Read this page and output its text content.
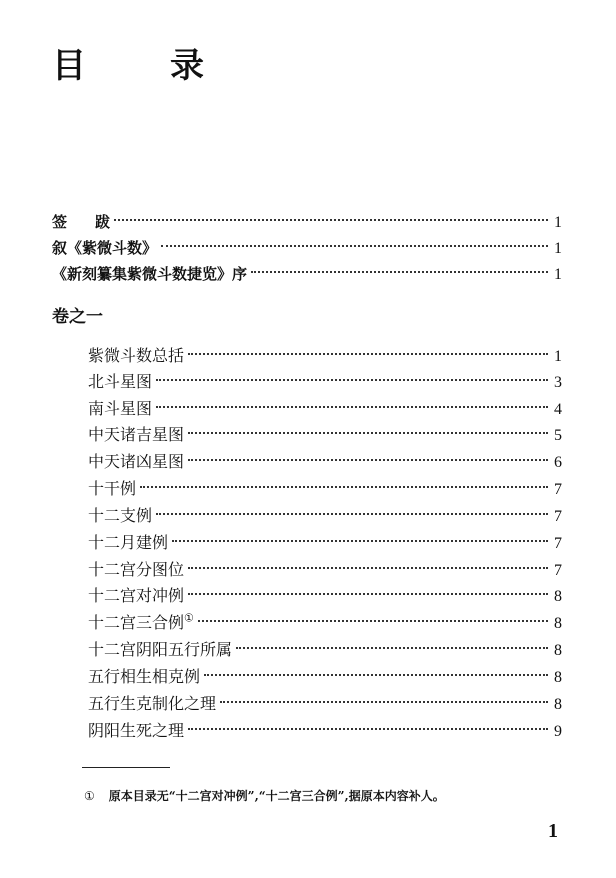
目 录
签跋	1
叙《紫微斗数》	1
《新刻纂集紫微斗数捷览》序	1
卷之一
紫微斗数总括	1
北斗星图	3
南斗星图	4
中天诸吉星图	5
中天诸凶星图	6
十干例	7
十二支例	7
十二月建例	7
十二宫分图位	7
十二宫对冲例	8
十二宫三合例①	8
十二宫阴阳五行所属	8
五行相生相克例	8
五行生克制化之理	8
阴阳生死之理	9
① 原本目录无“十二宫对冲例”,“十二宫三合例”,据原本内容补人。
1
